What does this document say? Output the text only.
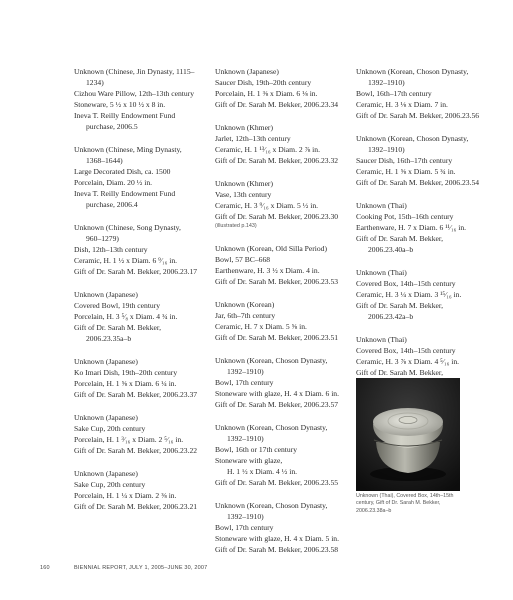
Unknown (Chinese, Jin Dynasty, 1115–
1234)
Cizhou Ware Pillow, 12th–13th century
Stoneware, 5 ½ x 10 ½ x 8 in.
Ineva T. Reilly Endowment Fund
purchase, 2006.5
Unknown (Chinese, Ming Dynasty,
1368–1644)
Large Decorated Dish, ca. 1500
Porcelain, Diam. 20 ½ in.
Ineva T. Reilly Endowment Fund
purchase, 2006.4
Unknown (Chinese, Song Dynasty,
960–1279)
Dish, 12th–13th century
Ceramic, H. 1 ½ x Diam. 6 ⁹⁄₁₆ in.
Gift of Dr. Sarah M. Bekker, 2006.23.17
Unknown (Japanese)
Covered Bowl, 19th century
Porcelain, H. 3 ⁵⁄₈ x Diam. 4 ¾ in.
Gift of Dr. Sarah M. Bekker,
2006.23.35a–b
Unknown (Japanese)
Ko Imari Dish, 19th–20th century
Porcelain, H. 1 ⅝ x Diam. 6 ¼ in.
Gift of Dr. Sarah M. Bekker, 2006.23.37
Unknown (Japanese)
Sake Cup, 20th century
Porcelain, H. 1 ³⁄₁₆ x Diam. 2 ⁵⁄₁₆ in.
Gift of Dr. Sarah M. Bekker, 2006.23.22
Unknown (Japanese)
Sake Cup, 20th century
Porcelain, H. 1 ¼ x Diam. 2 ⅜ in.
Gift of Dr. Sarah M. Bekker, 2006.23.21
Unknown (Japanese)
Saucer Dish, 19th–20th century
Porcelain, H. 1 ⅜ x Diam. 6 ⅛ in.
Gift of Dr. Sarah M. Bekker, 2006.23.34
Unknown (Khmer)
Jarlet, 12th–13th century
Ceramic, H. 1 ¹³⁄₁₆ x Diam. 2 ⅞ in.
Gift of Dr. Sarah M. Bekker, 2006.23.32
Unknown (Khmer)
Vase, 13th century
Ceramic, H. 3 ⁹⁄₁₆ x Diam. 5 ½ in.
Gift of Dr. Sarah M. Bekker, 2006.23.30
(illustrated p.143)
Unknown (Korean, Old Silla Period)
Bowl, 57 BC–668
Earthenware, H. 3 ½ x Diam. 4 in.
Gift of Dr. Sarah M. Bekker, 2006.23.53
Unknown (Korean)
Jar, 6th–7th century
Ceramic, H. 7 x Diam. 5 ⅝ in.
Gift of Dr. Sarah M. Bekker, 2006.23.51
Unknown (Korean, Choson Dynasty,
1392–1910)
Bowl, 17th century
Stoneware with glaze, H. 4 x Diam. 6 in.
Gift of Dr. Sarah M. Bekker, 2006.23.57
Unknown (Korean, Choson Dynasty,
1392–1910)
Bowl, 16th or 17th century
Stoneware with glaze,
H. 1 ½ x Diam. 4 ½ in.
Gift of Dr. Sarah M. Bekker, 2006.23.55
Unknown (Korean, Choson Dynasty,
1392–1910)
Bowl, 17th century
Stoneware with glaze, H. 4 x Diam. 5 in.
Gift of Dr. Sarah M. Bekker, 2006.23.58
Unknown (Korean, Choson Dynasty,
1392–1910)
Bowl, 16th–17th century
Ceramic, H. 3 ⅛ x Diam. 7 in.
Gift of Dr. Sarah M. Bekker, 2006.23.56
Unknown (Korean, Choson Dynasty,
1392–1910)
Saucer Dish, 16th–17th century
Ceramic, H. 1 ⅝ x Diam. 5 ¾ in.
Gift of Dr. Sarah M. Bekker, 2006.23.54
Unknown (Thai)
Cooking Pot, 15th–16th century
Earthenware, H. 7 x Diam. 6 ¹¹⁄₁₆ in.
Gift of Dr. Sarah M. Bekker,
2006.23.40a–b
Unknown (Thai)
Covered Box, 14th–15th century
Ceramic, H. 3 ¼ x Diam. 3 ¹⁵⁄₁₆ in.
Gift of Dr. Sarah M. Bekker,
2006.23.42a–b
Unknown (Thai)
Covered Box, 14th–15th century
Ceramic, H. 3 ⅞ x Diam. 4 ⁵⁄₁₆ in.
Gift of Dr. Sarah M. Bekker,
Unknown (Thai), Covered Box, 14th–15th
century, Gift of Dr. Sarah M. Bekker,
2006.23.38a–b
160	BIENNIAL REPORT, JULY 1, 2005–JUNE 30, 2007
